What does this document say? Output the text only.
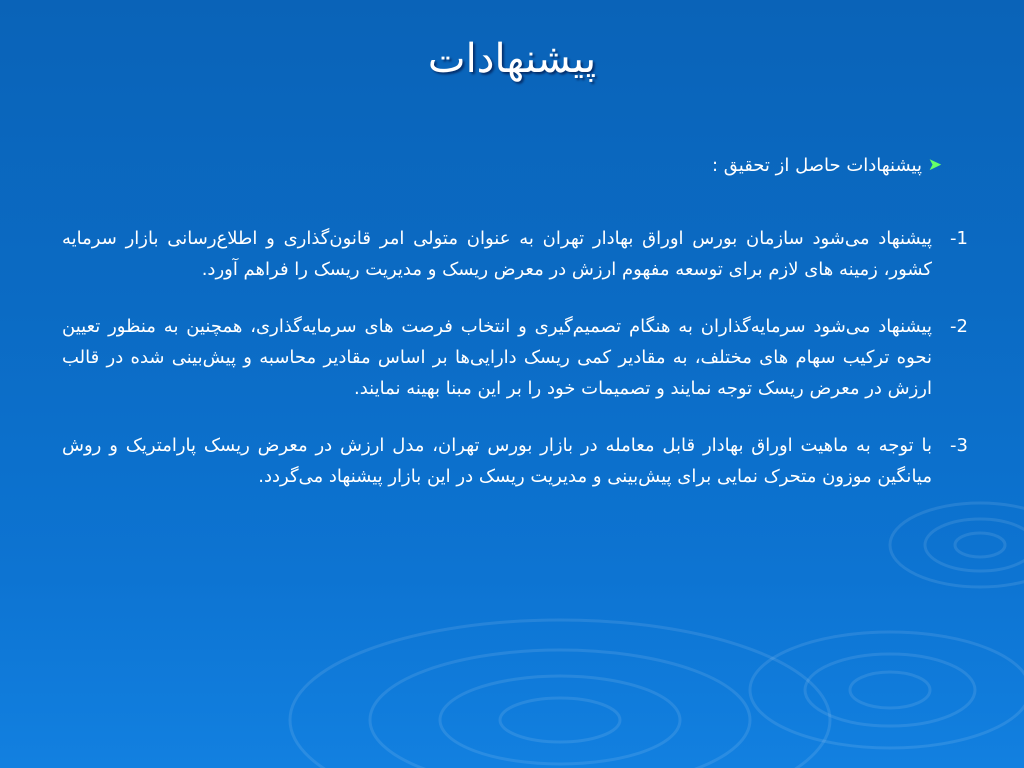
پیشنهادات
➤
پیشنهادات حاصل از تحقیق :
-1
پیشنهاد می‌شود سازمان بورس اوراق بهادار تهران به عنوان متولی امر قانون‌گذاری و اطلاع‌رسانی بازار سرمایه کشور، زمینه های لازم برای توسعه مفهوم ارزش در معرض ریسک و مدیریت ریسک را فراهم آورد.
-2
پیشنهاد می‌شود سرمایه‌گذاران به هنگام تصمیم‌گیری و انتخاب فرصت های سرمایه‌گذاری، همچنین به منظور تعیین نحوه ترکیب سهام های مختلف، به مقادیر کمی ریسک دارایی‌ها بر اساس مقادیر محاسبه و پیش‌بینی شده در قالب ارزش در معرض ریسک توجه نمایند و تصمیمات خود را بر این مبنا بهینه نمایند.
-3
با توجه به ماهیت اوراق بهادار قابل معامله در بازار بورس تهران، مدل ارزش در معرض ریسک پارامتریک و روش میانگین موزون متحرک نمایی برای پیش‌بینی و مدیریت ریسک در این بازار پیشنهاد می‌گردد.
